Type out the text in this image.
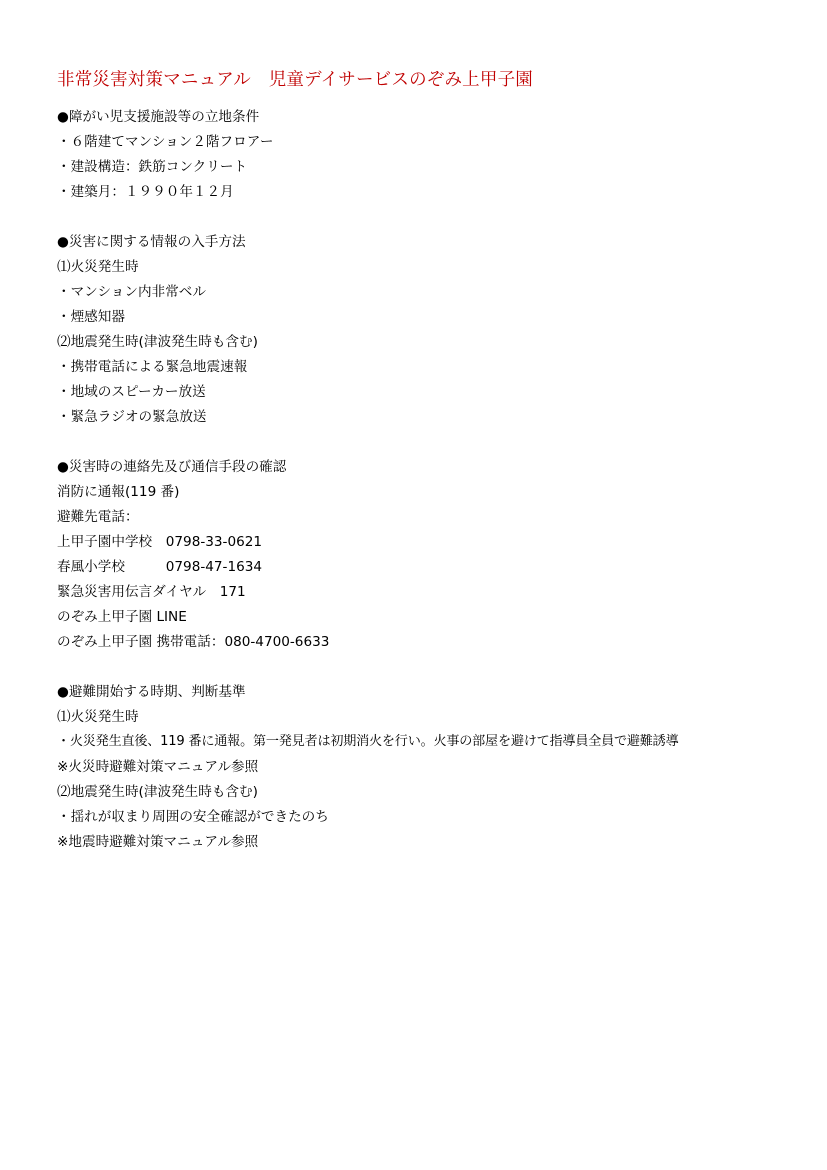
非常災害対策マニュアル　児童デイサービスのぞみ上甲子園
●障がい児支援施設等の立地条件
・６階建てマンション２階フロアー
・建設構造：鉄筋コンクリート
・建築月：１９９０年１２月
●災害に関する情報の入手方法
⑴火災発生時
・マンション内非常ベル
・煙感知器
⑵地震発生時(津波発生時も含む)
・携帯電話による緊急地震速報
・地域のスピーカー放送
・緊急ラジオの緊急放送
●災害時の連絡先及び通信手段の確認
消防に通報(119 番)
避難先電話：
上甲子園中学校　0798-33-0621
春風小学校　　　0798-47-1634
緊急災害用伝言ダイヤル　171
のぞみ上甲子園 LINE
のぞみ上甲子園 携帯電話：080-4700-6633
●避難開始する時期、判断基準
⑴火災発生時
・火災発生直後、119 番に通報。第一発見者は初期消火を行い。火事の部屋を避けて指導員全員で避難誘導
※火災時避難対策マニュアル参照
⑵地震発生時(津波発生時も含む)
・揺れが収まり周囲の安全確認ができたのち
※地震時避難対策マニュアル参照
